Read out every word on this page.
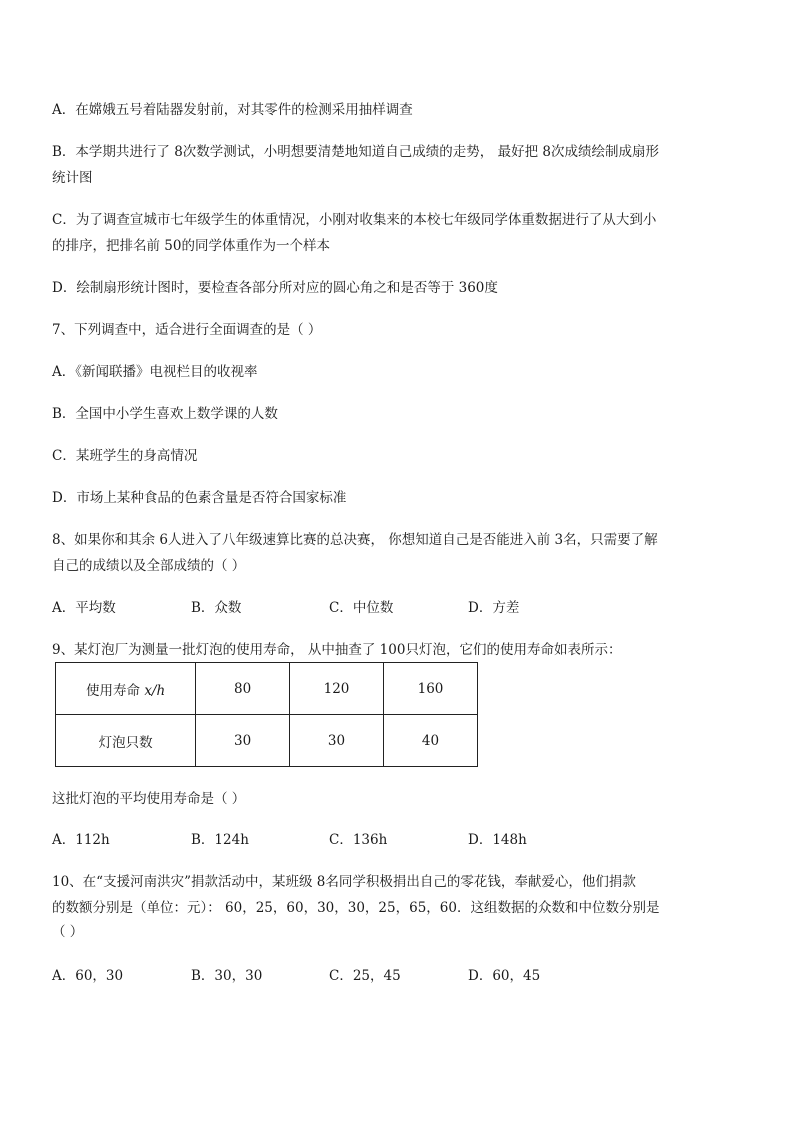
A．在嫦娥五号着陆器发射前，对其零件的检测采用抽样调查
B．本学期共进行了 8次数学测试，小明想要清楚地知道自己成绩的走势， 最好把 8次成绩绘制成扇形
统计图
C．为了调查宣城市七年级学生的体重情况，小刚对收集来的本校七年级同学体重数据进行了从大到小
的排序，把排名前 50的同学体重作为一个样本
D．绘制扇形统计图时，要检查各部分所对应的圆心角之和是否等于 360度
7、下列调查中，适合进行全面调查的是（ ）
A．《新闻联播》电视栏目的收视率
B．全国中小学生喜欢上数学课的人数
C．某班学生的身高情况
D．市场上某种食品的色素含量是否符合国家标准
8、如果你和其余 6人进入了八年级速算比赛的总决赛， 你想知道自己是否能进入前 3名，只需要了解
自己的成绩以及全部成绩的（ ）
A．平均数	B．众数	C．中位数	D．方差
9、某灯泡厂为测量一批灯泡的使用寿命， 从中抽查了 100只灯泡，它们的使用寿命如表所示：
使用寿命 x/h	80	120	160
灯泡只数	30	30	40
这批灯泡的平均使用寿命是（ ）
A．112h	B．124h	C．136h	D．148h
10、在“支援河南洪灾”捐款活动中，某班级 8名同学积极捐出自己的零花钱，奉献爱心，他们捐款
的数额分别是（单位：元）： 60，25，60，30，30，25，65，60．这组数据的众数和中位数分别是
（ ）
A．60，30	B．30，30	C．25，45	D．60，45
